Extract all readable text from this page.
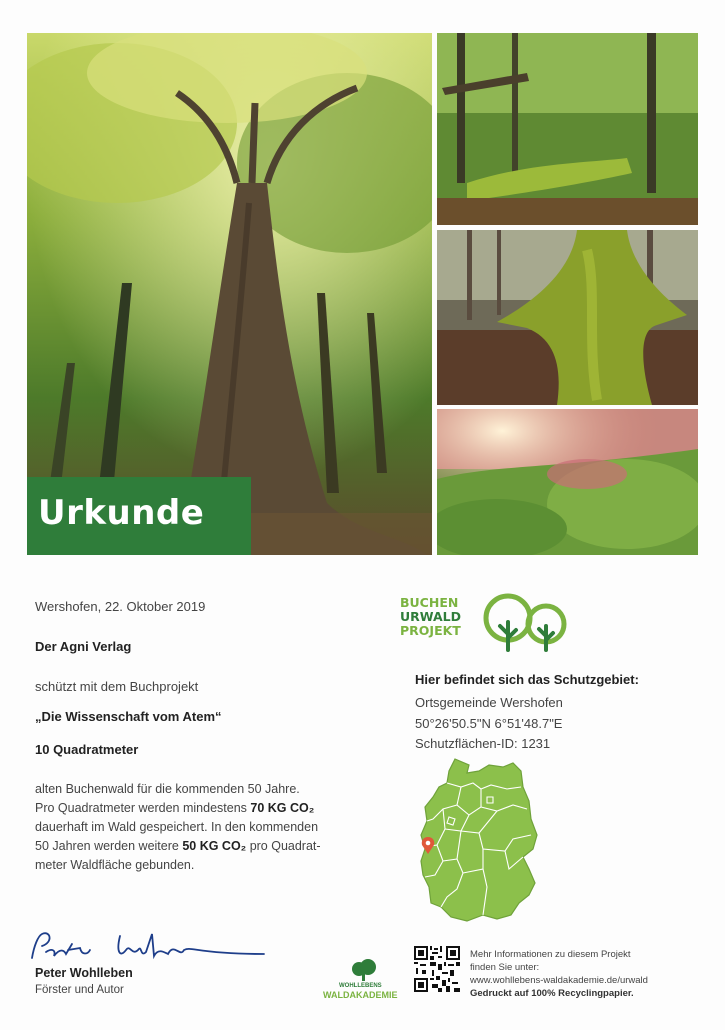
Urkunde
Wershofen, 22. Oktober 2019
Der Agni Verlag
schützt mit dem Buchprojekt
„Die Wissenschaft vom Atem“
10 Quadratmeter
alten Buchenwald für die kommenden 50 Jahre.
Pro Quadratmeter werden mindestens 70 KG CO₂
dauerhaft im Wald gespeichert. In den kommenden
50 Jahren werden weitere 50 KG CO₂ pro Quadrat-
meter Waldfläche gebunden.
BUCHEN
URWALD
PROJEKT
Hier befindet sich das Schutzgebiet:
Ortsgemeinde Wershofen
50°26'50.5"N 6°51'48.7"E
Schutzflächen-ID: 1231
Peter Wohlleben
Förster und Autor	WOHLLEBENS
WALDAKADEMIE
Mehr Informationen zu diesem Projekt
finden Sie unter:
www.wohllebens-waldakademie.de/urwald
Gedruckt auf 100% Recyclingpapier.
